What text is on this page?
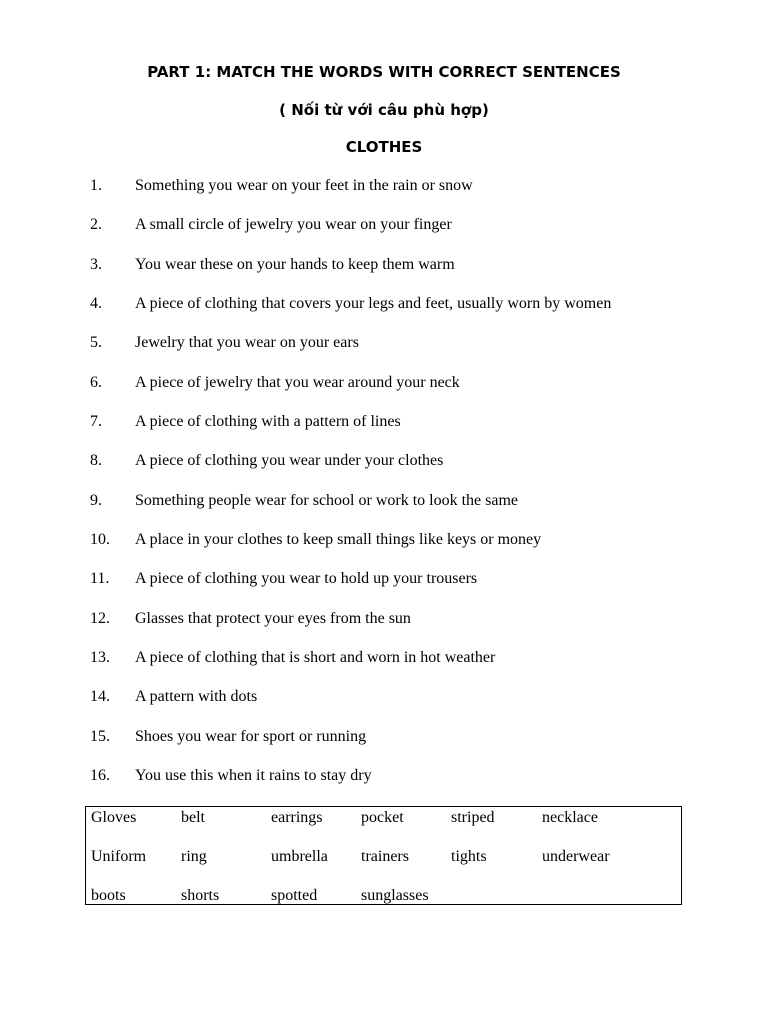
PART 1: MATCH THE WORDS WITH CORRECT SENTENCES
( Nối từ với câu phù hợp)
CLOTHES
1. Something you wear on your feet in the rain or snow
2. A small circle of jewelry you wear on your finger
3. You wear these on your hands to keep them warm
4. A piece of clothing that covers your legs and feet, usually worn by women
5. Jewelry that you wear on your ears
6. A piece of jewelry that you wear around your neck
7. A piece of clothing with a pattern of lines
8. A piece of clothing you wear under your clothes
9. Something people wear for school or work to look the same
10. A place in your clothes to keep small things like keys or money
11. A piece of clothing you wear to hold up your trousers
12. Glasses that protect your eyes from the sun
13. A piece of clothing that is short and worn in hot weather
14. A pattern with dots
15. Shoes you wear for sport or running
16. You use this when it rains to stay dry
Gloves	belt	earrings pocket	striped	necklace
Uniform ring	umbrella trainers	tights	underwear
boots	shorts	spotted	sunglasses
